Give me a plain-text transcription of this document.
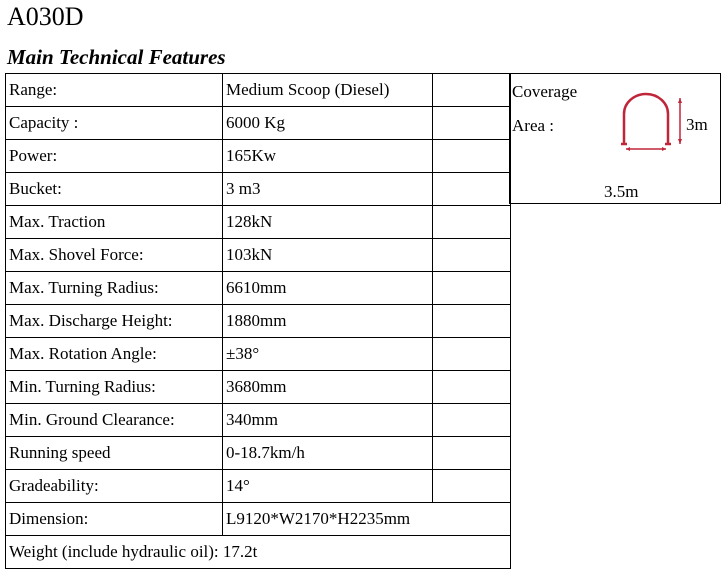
A030D
Main Technical Features
Range:	Medium Scoop (Diesel)	
Capacity :	6000 Kg	
Power:	165Kw	
Bucket:	3 m3	
Max. Traction	128kN	
Max. Shovel Force:	103kN	
Max. Turning Radius:	6610mm	
Max. Discharge Height:	1880mm	
Max. Rotation Angle:	±38°	
Min. Turning Radius:	3680mm	
Min. Ground Clearance:	340mm	
Running speed	0-18.7km/h	
Gradeability:	14°	
Dimension:	L9120*W2170*H2235mm	
Weight (include hydraulic oil): 17.2t		
Coverage
Area :	3m
3.5m
